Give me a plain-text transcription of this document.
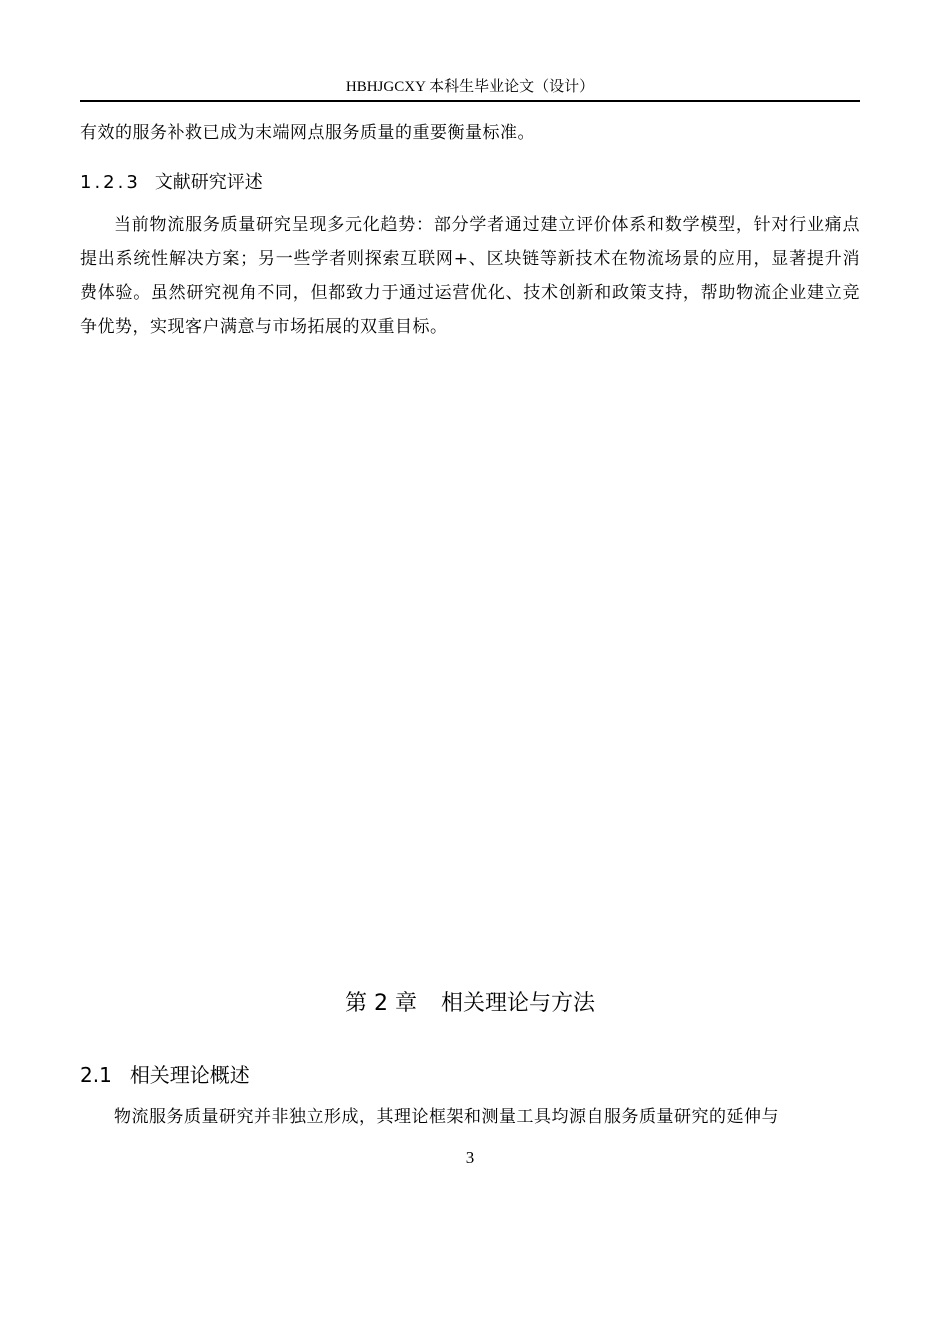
HBHJGCXY 本科生毕业论文（设计）
有效的服务补救已成为末端网点服务质量的重要衡量标准。
1.2.3 文献研究评述
当前物流服务质量研究呈现多元化趋势：部分学者通过建立评价体系和数学模型，针对行业痛点提出系统性解决方案；另一些学者则探索互联网+、区块链等新技术在物流场景的应用，显著提升消费体验。虽然研究视角不同，但都致力于通过运营优化、技术创新和政策支持，帮助物流企业建立竞争优势，实现客户满意与市场拓展的双重目标。
第 2 章 相关理论与方法
2.1 相关理论概述
物流服务质量研究并非独立形成，其理论框架和测量工具均源自服务质量研究的延伸与
3
